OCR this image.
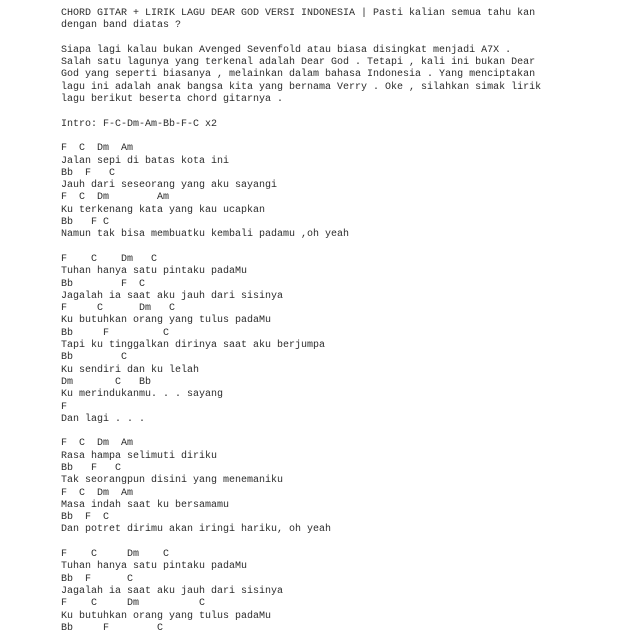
CHORD GITAR + LIRIK LAGU DEAR GOD VERSI INDONESIA | Pasti kalian semua tahu kan
dengan band diatas ?
Siapa lagi kalau bukan Avenged Sevenfold atau biasa disingkat menjadi A7X .
Salah satu lagunya yang terkenal adalah Dear God . Tetapi , kali ini bukan Dear
God yang seperti biasanya , melainkan dalam bahasa Indonesia . Yang menciptakan
lagu ini adalah anak bangsa kita yang bernama Verry . Oke , silahkan simak lirik
lagu berikut beserta chord gitarnya .
Intro: F-C-Dm-Am-Bb-F-C x2
F  C  Dm  Am
Jalan sepi di batas kota ini
Bb  F   C
Jauh dari seseorang yang aku sayangi
F  C  Dm        Am
Ku terkenang kata yang kau ucapkan
Bb   F C
Namun tak bisa membuatku kembali padamu ,oh yeah
F    C    Dm   C
Tuhan hanya satu pintaku padaMu
Bb        F  C
Jagalah ia saat aku jauh dari sisinya
F     C      Dm   C
Ku butuhkan orang yang tulus padaMu
Bb     F         C
Tapi ku tinggalkan dirinya saat aku berjumpa
Bb        C
Ku sendiri dan ku lelah
Dm       C   Bb
Ku merindukanmu. . . sayang
F
Dan lagi . . .
F  C  Dm  Am
Rasa hampa selimuti diriku
Bb   F   C
Tak seorangpun disini yang menemaniku
F  C  Dm  Am
Masa indah saat ku bersamamu
Bb  F  C
Dan potret dirimu akan iringi hariku, oh yeah
F    C     Dm    C
Tuhan hanya satu pintaku padaMu
Bb  F      C
Jagalah ia saat aku jauh dari sisinya
F    C     Dm          C
Ku butuhkan orang yang tulus padaMu
Bb     F        C
